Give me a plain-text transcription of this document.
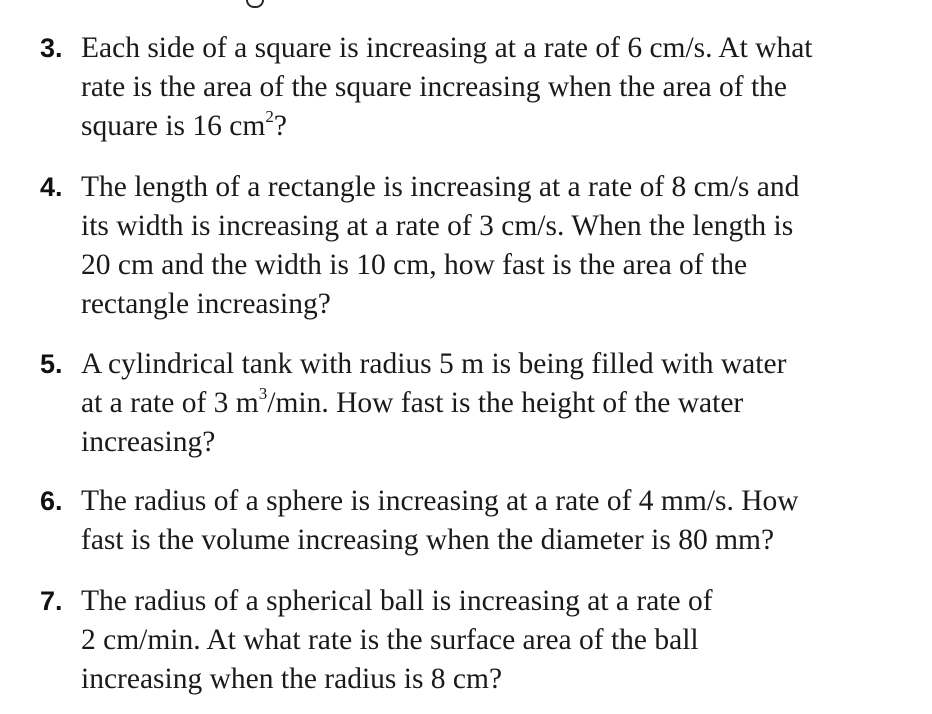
3. Each side of a square is increasing at a rate of 6 cm/s. At what
rate is the area of the square increasing when the area of the
square is 16 $cm^2$?
4. The length of a rectangle is increasing at a rate of 8 cm/s and
its width is increasing at a rate of 3 cm/s. When the length is
20 cm and the width is 10 cm, how fast is the area of the
rectangle increasing?
5. A cylindrical tank with radius 5 m is being filled with water
at a rate of 3 $m^3/\min$. How fast is the height of the water
increasing?
6. The radius of a sphere is increasing at a rate of 4 mm/s. How
fast is the volume increasing when the diameter is 80 mm?
7. The radius of a spherical ball is increasing at a rate of
2 cm/min. At what rate is the surface area of the ball
increasing when the radius is 8 cm?
